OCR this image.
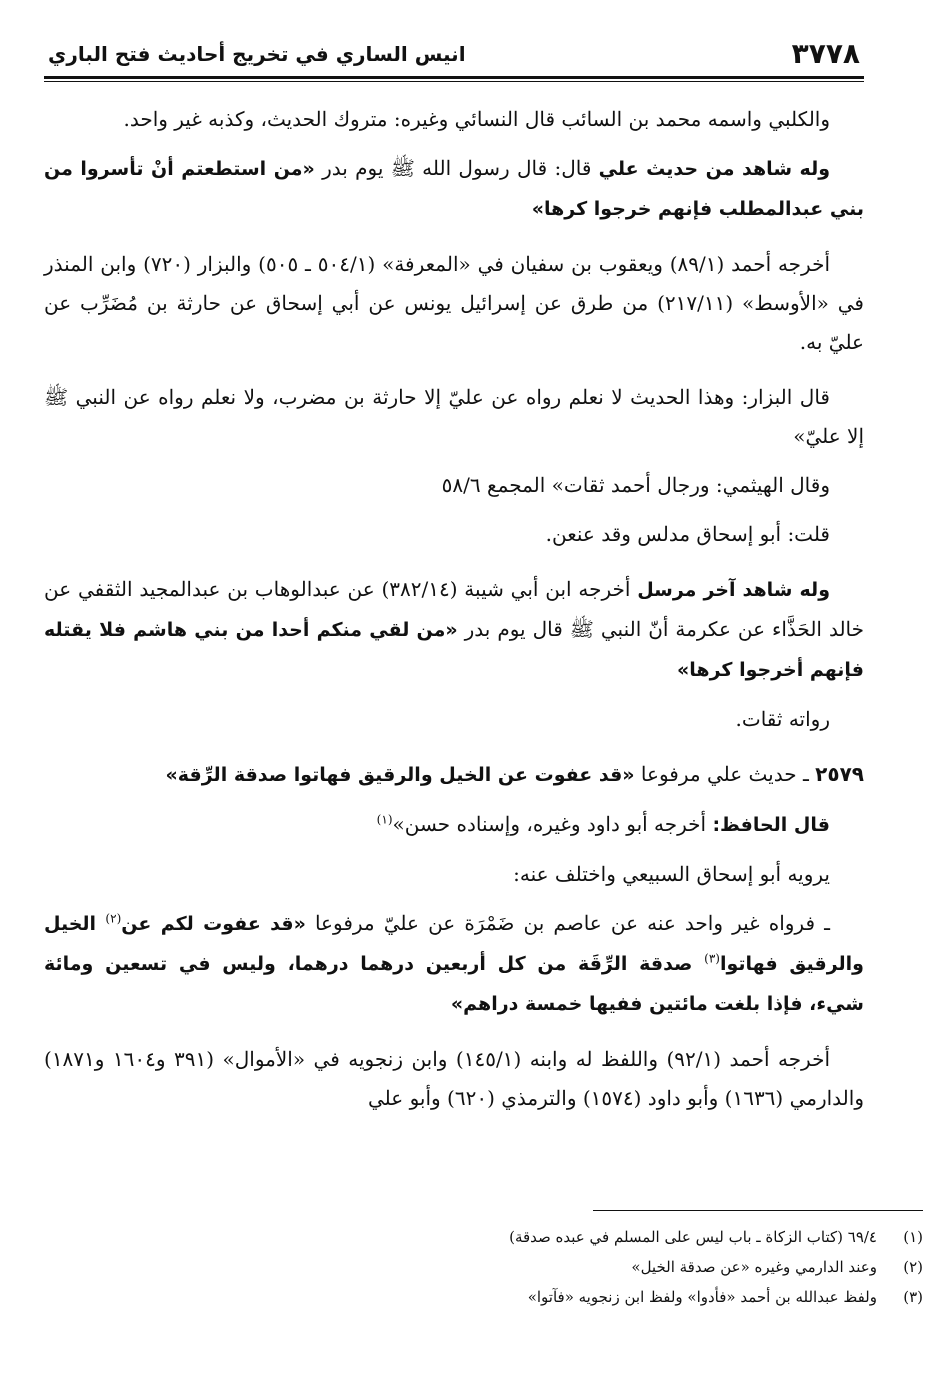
٣٧٧٨
انيس الساري في تخريج أحاديث فتح الباري

والكلبي واسمه محمد بن السائب قال النسائي وغيره: متروك الحديث، وكذبه غير واحد.

وله شاهد من حديث علي قال: قال رسول الله ﷺ يوم بدر «من استطعتم أنْ تأسروا من بني عبدالمطلب فإنهم خرجوا كرها»

أخرجه أحمد (٨٩/١) ويعقوب بن سفيان في «المعرفة» (٥٠٤/١ ـ ٥٠٥) والبزار (٧٢٠) وابن المنذر في «الأوسط» (٢١٧/١١) من طرق عن إسرائيل يونس عن أبي إسحاق عن حارثة بن مُضَرِّب عن عليّ به.

قال البزار: وهذا الحديث لا نعلم رواه عن عليّ إلا حارثة بن مضرب، ولا نعلم رواه عن النبي ﷺ إلا عليّ»

وقال الهيثمي: ورجال أحمد ثقات» المجمع ٥٨/٦

قلت: أبو إسحاق مدلس وقد عنعن.

وله شاهد آخر مرسل أخرجه ابن أبي شيبة (٣٨٢/١٤) عن عبدالوهاب بن عبدالمجيد الثقفي عن خالد الحَذَّاء عن عكرمة أنّ النبي ﷺ قال يوم بدر «من لقي منكم أحدا من بني هاشم فلا يقتله فإنهم أخرجوا كرها»

رواته ثقات.

٢٥٧٩ ـ حديث علي مرفوعا «قد عفوت عن الخيل والرقيق فهاتوا صدقة الرِّقة»

قال الحافظ: أخرجه أبو داود وغيره، وإسناده حسن»$^{(١)}$

يرويه أبو إسحاق السبيعي واختلف عنه:

ـ فرواه غير واحد عنه عن عاصم بن ضَمْرَة عن عليّ مرفوعا «قد عفوت لكم عن$^{(٢)}$ الخيل والرقيق فهاتوا$^{(٣)}$ صدقة الرِّقَة من كل أربعين درهما درهما، وليس في تسعين ومائة شيء، فإذا بلغت مائتين ففيها خمسة دراهم»

أخرجه أحمد (٩٢/١) واللفظ له وابنه (١٤٥/١) وابن زنجويه في «الأموال» (٣٩١ و١٦٠٤ و١٨٧١) والدارمي (١٦٣٦) وأبو داود (١٥٧٤) والترمذي (٦٢٠) وأبو علي

(١)
٦٩/٤ (كتاب الزكاة ـ باب ليس على المسلم في عبده صدقة)
(٢)
وعند الدارمي وغيره «عن صدقة الخيل»
(٣)
ولفظ عبدالله بن أحمد «فأدوا» ولفظ ابن زنجويه «فآتوا»
